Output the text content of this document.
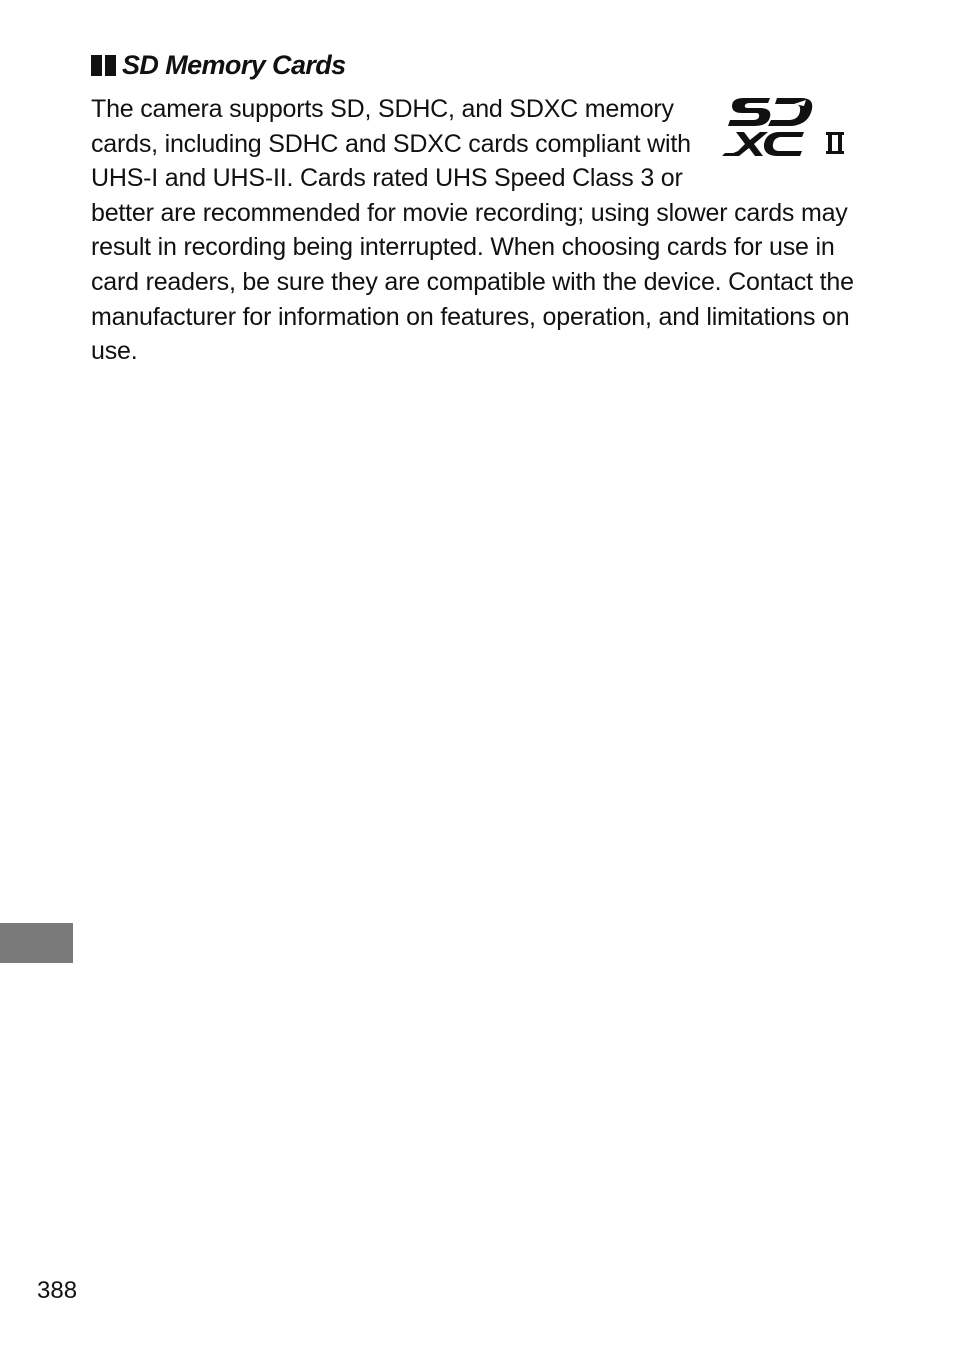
SD Memory Cards

The camera supports SD, SDHC, and SDXC memory cards, including SDHC and SDXC cards compliant with UHS-I and UHS-II. Cards rated UHS Speed Class 3 or better are recommended for movie recording; using slower cards may result in recording being interrupted. When choosing cards for use in card readers, be sure they are compatible with the device. Contact the manufacturer for information on features, operation, and limitations on use.

388
